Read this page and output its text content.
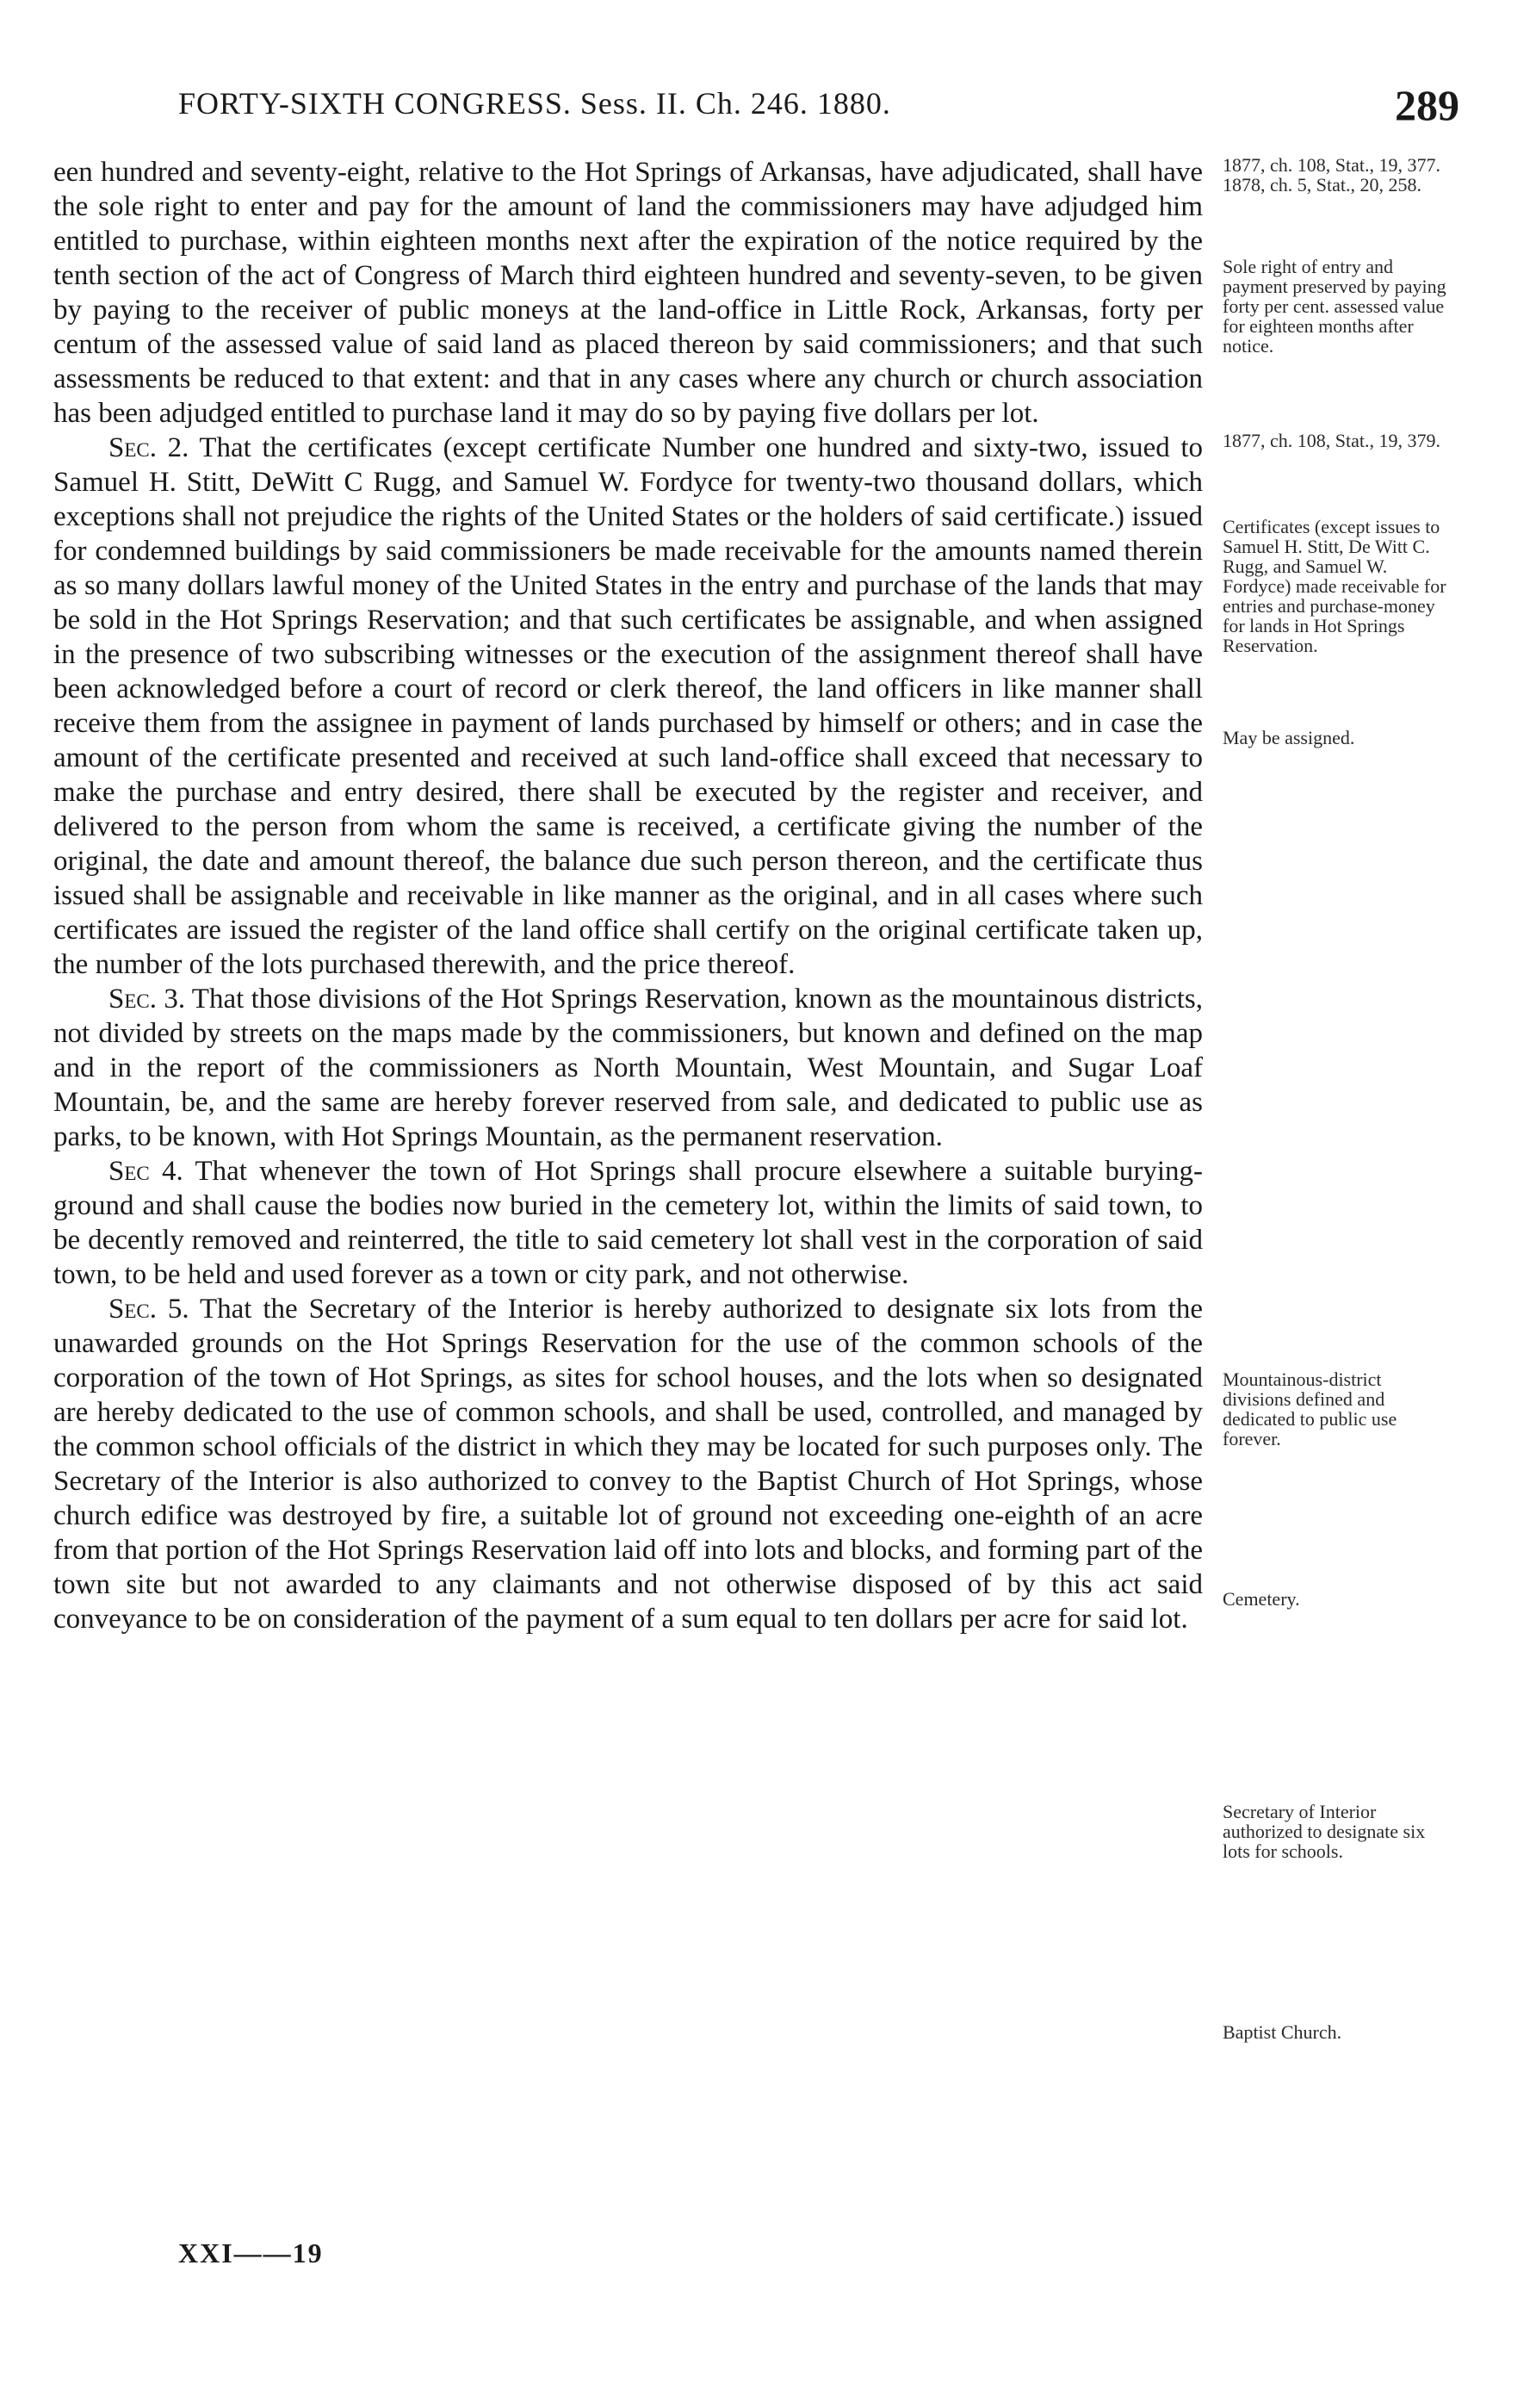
FORTY-SIXTH CONGRESS. Sess. II. Ch. 246. 1880.	289

een hundred and seventy-eight, relative to the Hot Springs of Arkansas, have adjudicated, shall have the sole right to enter and pay for the amount of land the commissioners may have adjudged him entitled to purchase, within eighteen months next after the expiration of the notice required by the tenth section of the act of Congress of March third eighteen hundred and seventy-seven, to be given by paying to the receiver of public moneys at the land-office in Little Rock, Arkansas, forty per centum of the assessed value of said land as placed thereon by said commissioners; and that such assessments be reduced to that extent: and that in any cases where any church or church association has been adjudged entitled to purchase land it may do so by paying five dollars per lot.

Sec. 2. That the certificates (except certificate Number one hundred and sixty-two, issued to Samuel H. Stitt, DeWitt C Rugg, and Samuel W. Fordyce for twenty-two thousand dollars, which exceptions shall not prejudice the rights of the United States or the holders of said certificate.) issued for condemned buildings by said commissioners be made receivable for the amounts named therein as so many dollars lawful money of the United States in the entry and purchase of the lands that may be sold in the Hot Springs Reservation; and that such certificates be assignable, and when assigned in the presence of two subscribing witnesses or the execution of the assignment thereof shall have been acknowledged before a court of record or clerk thereof, the land officers in like manner shall receive them from the assignee in payment of lands purchased by himself or others; and in case the amount of the certificate presented and received at such land-office shall exceed that necessary to make the purchase and entry desired, there shall be executed by the register and receiver, and delivered to the person from whom the same is received, a certificate giving the number of the original, the date and amount thereof, the balance due such person thereon, and the certificate thus issued shall be assignable and receivable in like manner as the original, and in all cases where such certificates are issued the register of the land office shall certify on the original certificate taken up, the number of the lots purchased therewith, and the price thereof.

Sec. 3. That those divisions of the Hot Springs Reservation, known as the mountainous districts, not divided by streets on the maps made by the commissioners, but known and defined on the map and in the report of the commissioners as North Mountain, West Mountain, and Sugar Loaf Mountain, be, and the same are hereby forever reserved from sale, and dedicated to public use as parks, to be known, with Hot Springs Mountain, as the permanent reservation.

Sec 4. That whenever the town of Hot Springs shall procure elsewhere a suitable burying-ground and shall cause the bodies now buried in the cemetery lot, within the limits of said town, to be decently removed and reinterred, the title to said cemetery lot shall vest in the corporation of said town, to be held and used forever as a town or city park, and not otherwise.

Sec. 5. That the Secretary of the Interior is hereby authorized to designate six lots from the unawarded grounds on the Hot Springs Reservation for the use of the common schools of the corporation of the town of Hot Springs, as sites for school houses, and the lots when so designated are hereby dedicated to the use of common schools, and shall be used, controlled, and managed by the common school officials of the district in which they may be located for such purposes only. The Secretary of the Interior is also authorized to convey to the Baptist Church of Hot Springs, whose church edifice was destroyed by fire, a suitable lot of ground not exceeding one-eighth of an acre from that portion of the Hot Springs Reservation laid off into lots and blocks, and forming part of the town site but not awarded to any claimants and not otherwise disposed of by this act said conveyance to be on consideration of the payment of a sum equal to ten dollars per acre for said lot.

1877, ch. 108, Stat., 19, 377. 1878, ch. 5, Stat., 20, 258.
Sole right of entry and payment preserved by paying forty per cent. assessed value for eighteen months after notice.
1877, ch. 108, Stat., 19, 379.
Certificates (except issues to Samuel H. Stitt, De Witt C. Rugg, and Samuel W. Fordyce) made receivable for entries and purchase-money for lands in Hot Springs Reservation.
May be assigned.
Mountainous-district divisions defined and dedicated to public use forever.
Cemetery.
Secretary of Interior authorized to designate six lots for schools.
Baptist Church.
XXI——19
